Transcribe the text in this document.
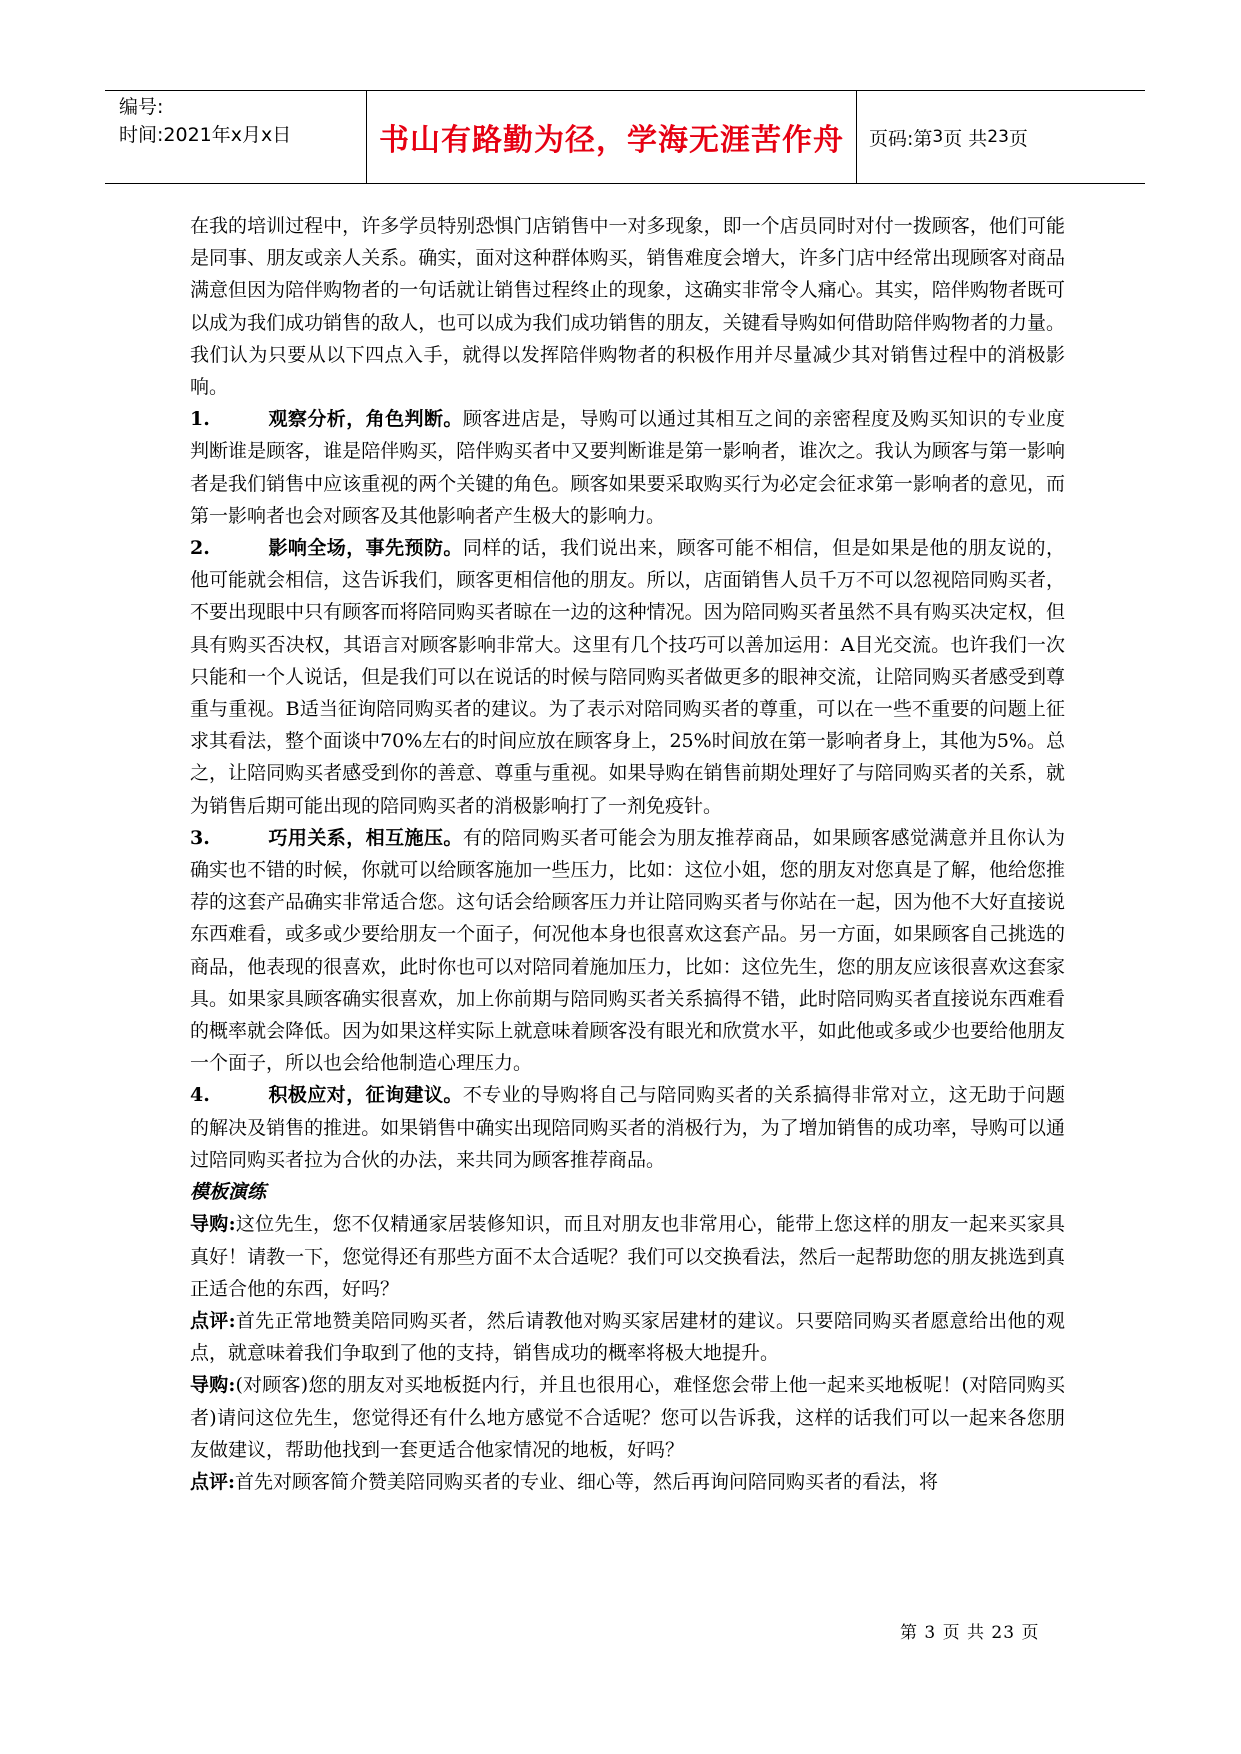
编号:
时间:2021年x月x日	书山有路勤为径，学海无涯苦作舟	页码:第 3 页 共 23 页

在我的培训过程中，许多学员特别恐惧门店销售中一对多现象，即一个店员同时对付一拨顾客，他们可能是同事、朋友或亲人关系。确实，面对这种群体购买，销售难度会增大，许多门店中经常出现顾客对商品满意但因为陪伴购物者的一句话就让销售过程终止的现象，这确实非常令人痛心。其实，陪伴购物者既可以成为我们成功销售的敌人，也可以成为我们成功销售的朋友，关键看导购如何借助陪伴购物者的力量。我们认为只要从以下四点入手，就得以发挥陪伴购物者的积极作用并尽量减少其对销售过程中的消极影响。

1.	观察分析，角色判断。顾客进店是，导购可以通过其相互之间的亲密程度及购买知识的专业度判断谁是顾客，谁是陪伴购买，陪伴购买者中又要判断谁是第一影响者，谁次之。我认为顾客与第一影响者是我们销售中应该重视的两个关键的角色。顾客如果要采取购买行为必定会征求第一影响者的意见，而第一影响者也会对顾客及其他影响者产生极大的影响力。

2.	影响全场，事先预防。同样的话，我们说出来，顾客可能不相信，但是如果是他的朋友说的，他可能就会相信，这告诉我们，顾客更相信他的朋友。所以，店面销售人员千万不可以忽视陪同购买者，不要出现眼中只有顾客而将陪同购买者晾在一边的这种情况。因为陪同购买者虽然不具有购买决定权，但具有购买否决权，其语言对顾客影响非常大。这里有几个技巧可以善加运用：A目光交流。也许我们一次只能和一个人说话，但是我们可以在说话的时候与陪同购买者做更多的眼神交流，让陪同购买者感受到尊重与重视。B适当征询陪同购买者的建议。为了表示对陪同购买者的尊重，可以在一些不重要的问题上征求其看法，整个面谈中70%左右的时间应放在顾客身上，25%时间放在第一影响者身上，其他为5%。总之，让陪同购买者感受到你的善意、尊重与重视。如果导购在销售前期处理好了与陪同购买者的关系，就为销售后期可能出现的陪同购买者的消极影响打了一剂免疫针。

3.	巧用关系，相互施压。有的陪同购买者可能会为朋友推荐商品，如果顾客感觉满意并且你认为确实也不错的时候，你就可以给顾客施加一些压力，比如：这位小姐，您的朋友对您真是了解，他给您推荐的这套产品确实非常适合您。这句话会给顾客压力并让陪同购买者与你站在一起，因为他不大好直接说东西难看，或多或少要给朋友一个面子，何况他本身也很喜欢这套产品。另一方面，如果顾客自己挑选的商品，他表现的很喜欢，此时你也可以对陪同着施加压力，比如：这位先生，您的朋友应该很喜欢这套家具。如果家具顾客确实很喜欢，加上你前期与陪同购买者关系搞得不错，此时陪同购买者直接说东西难看的概率就会降低。因为如果这样实际上就意味着顾客没有眼光和欣赏水平，如此他或多或少也要给他朋友一个面子，所以也会给他制造心理压力。

4.	积极应对，征询建议。不专业的导购将自己与陪同购买者的关系搞得非常对立，这无助于问题的解决及销售的推进。如果销售中确实出现陪同购买者的消极行为，为了增加销售的成功率，导购可以通过陪同购买者拉为合伙的办法，来共同为顾客推荐商品。

模板演练

导购:这位先生，您不仅精通家居装修知识，而且对朋友也非常用心，能带上您这样的朋友一起来买家具真好！请教一下，您觉得还有那些方面不太合适呢？我们可以交换看法，然后一起帮助您的朋友挑选到真正适合他的东西，好吗？

点评:首先正常地赞美陪同购买者，然后请教他对购买家居建材的建议。只要陪同购买者愿意给出他的观点，就意味着我们争取到了他的支持，销售成功的概率将极大地提升。

导购:(对顾客)您的朋友对买地板挺内行，并且也很用心，难怪您会带上他一起来买地板呢！(对陪同购买者)请问这位先生，您觉得还有什么地方感觉不合适呢？您可以告诉我，这样的话我们可以一起来各您朋友做建议，帮助他找到一套更适合他家情况的地板，好吗？

点评:首先对顾客简介赞美陪同购买者的专业、细心等，然后再询问陪同购买者的看法，将

第 3 页 共 23 页
